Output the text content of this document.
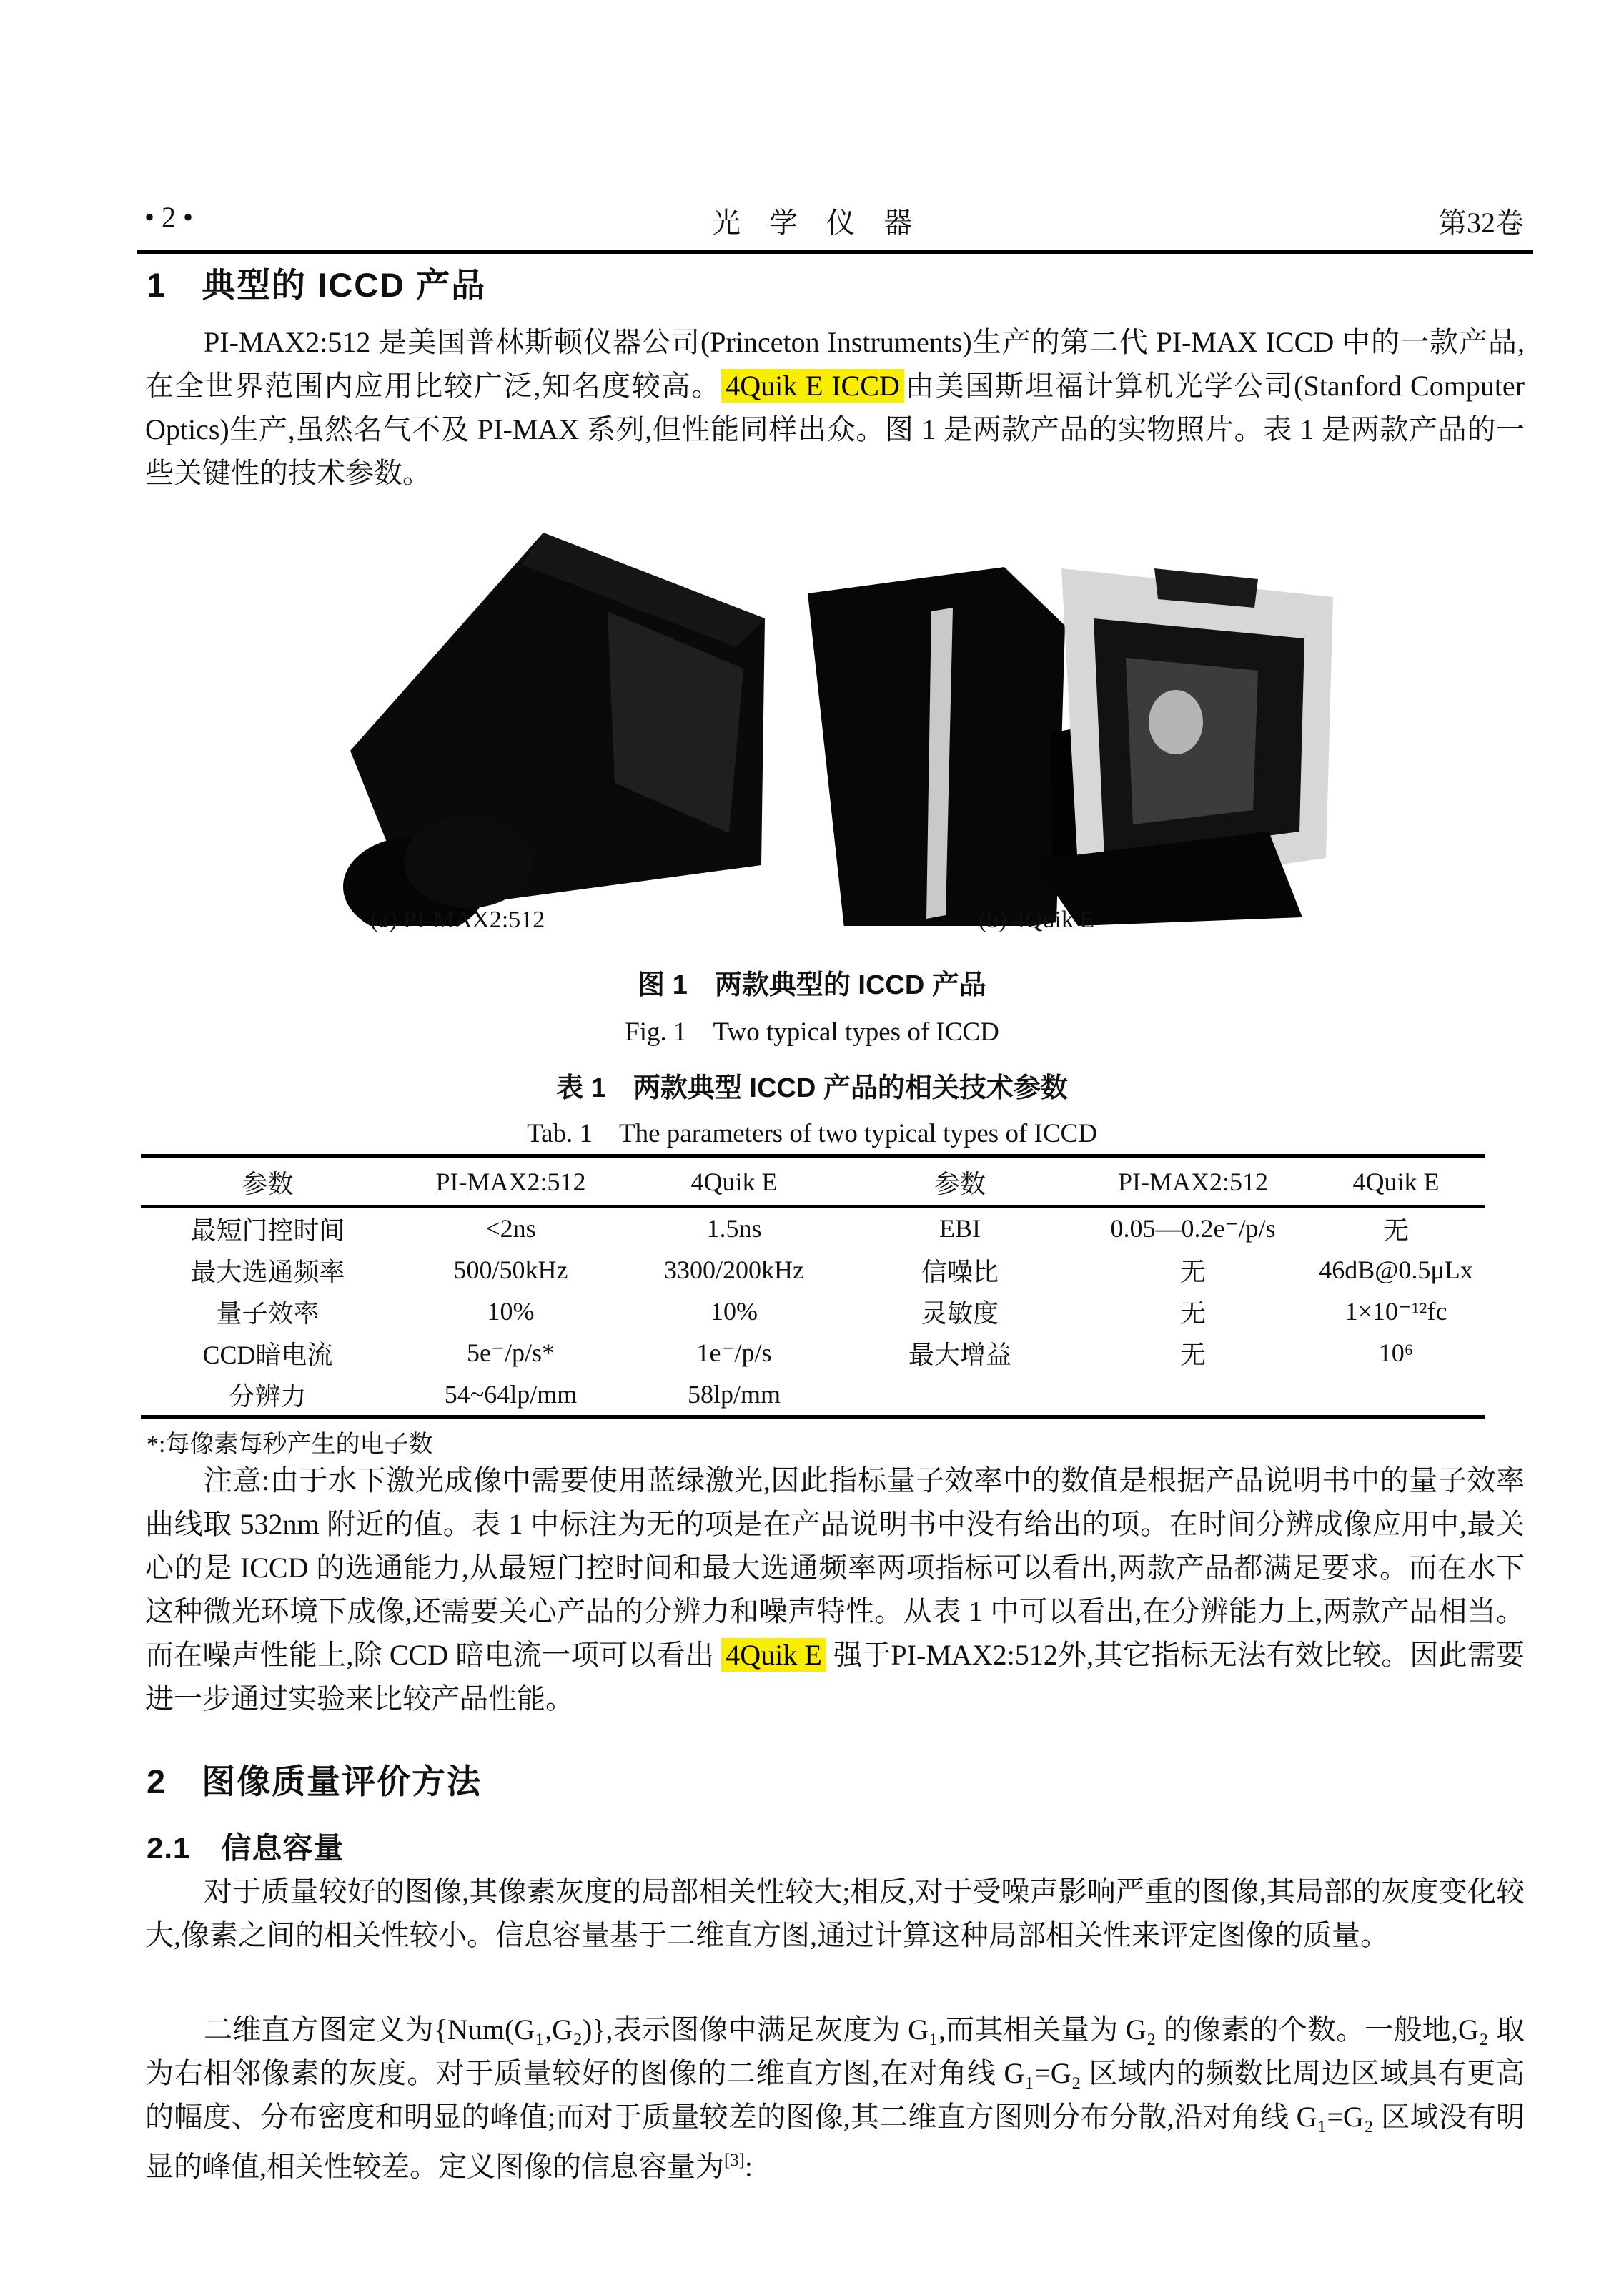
• 2 •	光　学　仪　器	第32卷
1　典型的 ICCD 产品

PI-MAX2:512 是美国普林斯顿仪器公司(Princeton Instruments)生产的第二代 PI-MAX ICCD 中的一款产品,在全世界范围内应用比较广泛,知名度较高。 4Quik E ICCD 由美国斯坦福计算机光学公司(Stanford Computer Optics)生产,虽然名气不及 PI-MAX 系列,但性能同样出众。图 1 是两款产品的实物照片。表 1 是两款产品的一些关键性的技术参数。

(a) PI-MAX2:512	(b) 4Quik E
图 1　两款典型的 ICCD 产品
Fig. 1　Two typical types of ICCD
表 1　两款典型 ICCD 产品的相关技术参数
Tab. 1　The parameters of two typical types of ICCD
参数	PI-MAX2:512	4Quik E	参数	PI-MAX2:512	4Quik E
最短门控时间	<2ns	1.5ns	EBI	0.05—0.2e⁻/p/s	无
最大选通频率	500/50kHz	3300/200kHz	信噪比	无	46dB@0.5μLx
量子效率	10%	10%	灵敏度	无	1×10⁻¹²fc
CCD暗电流	5e⁻/p/s*	1e⁻/p/s	最大增益	无	10⁶
分辨力	54~64lp/mm	58lp/mm			
*:每像素每秒产生的电子数

注意:由于水下激光成像中需要使用蓝绿激光,因此指标量子效率中的数值是根据产品说明书中的量子效率曲线取 532nm 附近的值。表 1 中标注为无的项是在产品说明书中没有给出的项。在时间分辨成像应用中,最关心的是 ICCD 的选通能力,从最短门控时间和最大选通频率两项指标可以看出,两款产品都满足要求。而在水下这种微光环境下成像,还需要关心产品的分辨力和噪声特性。从表 1 中可以看出,在分辨能力上,两款产品相当。而在噪声性能上,除 CCD 暗电流一项可以看出 4Quik E 强于PI-MAX2:512外,其它指标无法有效比较。因此需要进一步通过实验来比较产品性能。

2　图像质量评价方法
2.1　信息容量

对于质量较好的图像,其像素灰度的局部相关性较大;相反,对于受噪声影响严重的图像,其局部的灰度变化较大,像素之间的相关性较小。信息容量基于二维直方图,通过计算这种局部相关性来评定图像的质量。

二维直方图定义为{Num(G₁,G₂)},表示图像中满足灰度为 G₁,而其相关量为 G₂ 的像素的个数。一般地,G₂ 取为右相邻像素的灰度。对于质量较好的图像的二维直方图,在对角线 G₁=G₂ 区域内的频数比周边区域具有更高的幅度、分布密度和明显的峰值;而对于质量较差的图像,其二维直方图则分布分散,沿对角线 G₁=G₂ 区域没有明显的峰值,相关性较差。定义图像的信息容量为[3]:
